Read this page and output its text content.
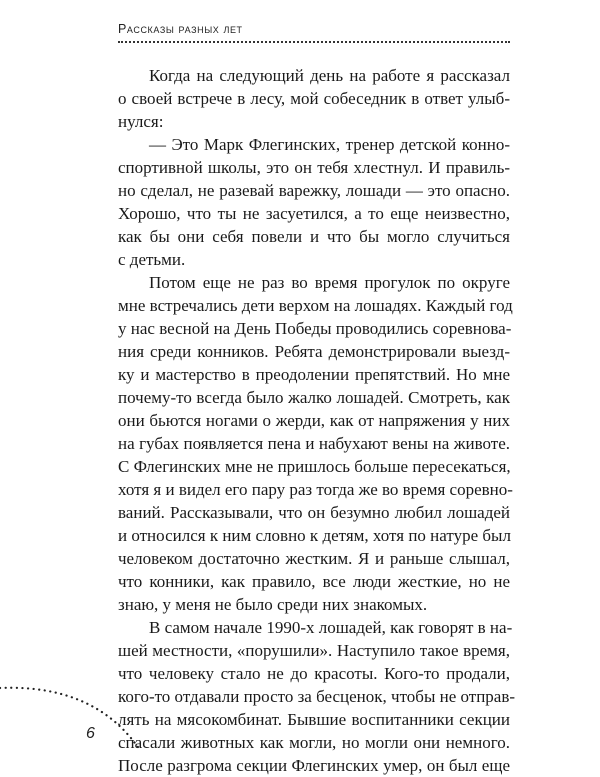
Рассказы разных лет
Когда на следующий день на работе я рассказал
о своей встрече в лесу, мой собеседник в ответ улыб-
нулся:
— Это Марк Флегинских, тренер детской конно-
спортивной школы, это он тебя хлестнул. И правиль-
но сделал, не разевай варежку, лошади — это опасно.
Хорошо, что ты не засуетился, а то еще неизвестно,
как бы они себя повели и что бы могло случиться
с детьми.
Потом еще не раз во время прогулок по округе
мне встречались дети верхом на лошадях. Каждый год
у нас весной на День Победы проводились соревнова-
ния среди конников. Ребята демонстрировали выезд-
ку и мастерство в преодолении препятствий. Но мне
почему-то всегда было жалко лошадей. Смотреть, как
они бьются ногами о жерди, как от напряжения у них
на губах появляется пена и набухают вены на животе.
С Флегинских мне не пришлось больше пересекаться,
хотя я и видел его пару раз тогда же во время соревно-
ваний. Рассказывали, что он безумно любил лошадей
и относился к ним словно к детям, хотя по натуре был
человеком достаточно жестким. Я и раньше слышал,
что конники, как правило, все люди жесткие, но не
знаю, у меня не было среди них знакомых.
В самом начале 1990-х лошадей, как говорят в на-
шей местности, «порушили». Наступило такое время,
что человеку стало не до красоты. Кого-то продали,
кого-то отдавали просто за бесценок, чтобы не отправ-
лять на мясокомбинат. Бывшие воспитанники секции
спасали животных как могли, но могли они немного.
После разгрома секции Флегинских умер, он был еще
6
